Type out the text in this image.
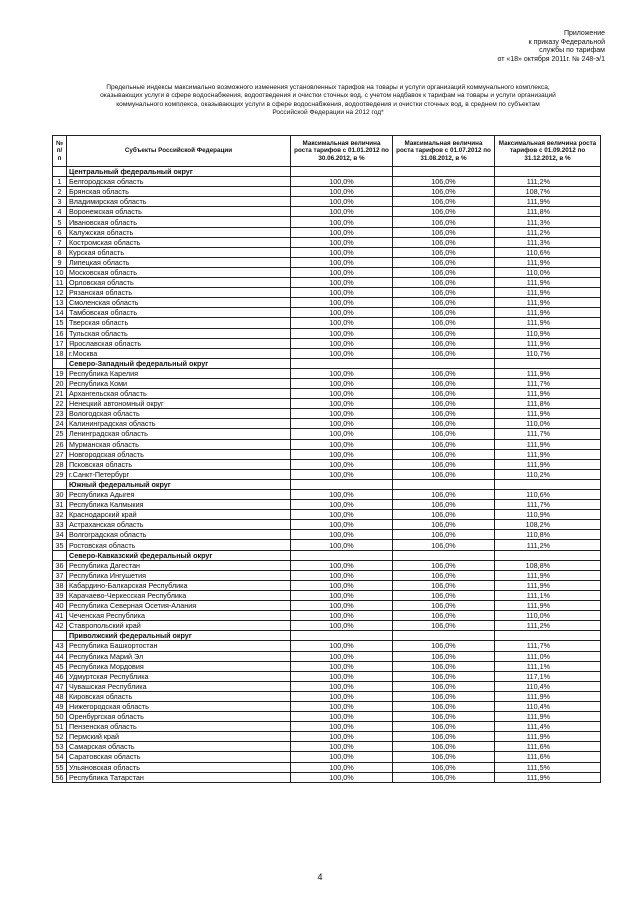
Приложение
к приказу Федеральной
службы по тарифам
от «18» октября 2011г. № 248-э/1
Предельные индексы максимально возможного изменения установленных тарифов на товары и услуги организаций коммунального комплекса,
оказывающих услуги в сфере водоснабжения, водоотведения и очистки сточных вод, с учетом надбавок к тарифам на товары и услуги организаций
коммунального комплекса, оказывающих услуги в сфере водоснабжения, водоотведения и очистки сточных вод, в среднем по субъектам
Российской Федерации на 2012 год*
№ п/п	Субъекты Российской Федерации	Максимальная величина роста тарифов с 01.01.2012 по 30.06.2012, в %	Максимальная величина роста тарифов с 01.07.2012 по 31.08.2012, в %	Максимальная величина роста тарифов с 01.09.2012 по 31.12.2012, в %
	Центральный федеральный округ			
1	Белгородская область	100,0%	106,0%	111,2%
2	Брянская область	100,0%	106,0%	108,7%
3	Владимирская область	100,0%	106,0%	111,9%
4	Воронежская область	100,0%	106,0%	111,8%
5	Ивановская область	100,0%	106,0%	111,3%
6	Калужская область	100,0%	106,0%	111,2%
7	Костромская область	100,0%	106,0%	111,3%
8	Курская область	100,0%	106,0%	110,6%
9	Липецкая область	100,0%	106,0%	111,9%
10	Московская область	100,0%	106,0%	110,0%
11	Орловская область	100,0%	106,0%	111,9%
12	Рязанская область	100,0%	106,0%	111,9%
13	Смоленская область	100,0%	106,0%	111,9%
14	Тамбовская область	100,0%	106,0%	111,9%
15	Тверская область	100,0%	106,0%	111,9%
16	Тульская область	100,0%	106,0%	110,9%
17	Ярославская область	100,0%	106,0%	111,9%
18	г.Москва	100,0%	106,0%	110,7%
	Северо-Западный федеральный округ			
19	Республика Карелия	100,0%	106,0%	111,9%
20	Республика Коми	100,0%	106,0%	111,7%
21	Архангельская область	100,0%	106,0%	111,9%
22	Ненецкий автономный округ	100,0%	106,0%	111,8%
23	Вологодская область	100,0%	106,0%	111,9%
24	Калининградская область	100,0%	106,0%	110,0%
25	Ленинградская область	100,0%	106,0%	111,7%
26	Мурманская область	100,0%	106,0%	111,9%
27	Новгородская область	100,0%	106,0%	111,9%
28	Псковская область	100,0%	106,0%	111,9%
29	г.Санкт-Петербург	100,0%	106,0%	110,2%
	Южный федеральный округ			
30	Республика Адыгея	100,0%	106,0%	110,6%
31	Республика Калмыкия	100,0%	106,0%	111,7%
32	Краснодарский край	100,0%	106,0%	110,9%
33	Астраханская область	100,0%	106,0%	108,2%
34	Волгоградская область	100,0%	106,0%	110,8%
35	Ростовская область	100,0%	106,0%	111,2%
	Северо-Кавказский федеральный округ			
36	Республика Дагестан	100,0%	106,0%	108,8%
37	Республика Ингушетия	100,0%	106,0%	111,9%
38	Кабардино-Балкарская Республика	100,0%	106,0%	111,9%
39	Карачаево-Черкесская Республика	100,0%	106,0%	111,1%
40	Республика Северная Осетия-Алания	100,0%	106,0%	111,9%
41	Чеченская Республика	100,0%	106,0%	110,0%
42	Ставропольский край	100,0%	106,0%	111,2%
	Приволжский федеральный округ			
43	Республика Башкортостан	100,0%	106,0%	111,7%
44	Республика Марий Эл	100,0%	106,0%	111,0%
45	Республика Мордовия	100,0%	106,0%	111,1%
46	Удмуртская Республика	100,0%	106,0%	117,1%
47	Чувашская Республика	100,0%	106,0%	110,4%
48	Кировская область	100,0%	106,0%	111,9%
49	Нижегородская область	100,0%	106,0%	110,4%
50	Оренбургская область	100,0%	106,0%	111,9%
51	Пензенская область	100,0%	106,0%	111,4%
52	Пермский край	100,0%	106,0%	111,9%
53	Самарская область	100,0%	106,0%	111,6%
54	Саратовская область	100,0%	106,0%	111,6%
55	Ульяновская область	100,0%	106,0%	111,5%
56	Республика Татарстан	100,0%	106,0%	111,9%
4
